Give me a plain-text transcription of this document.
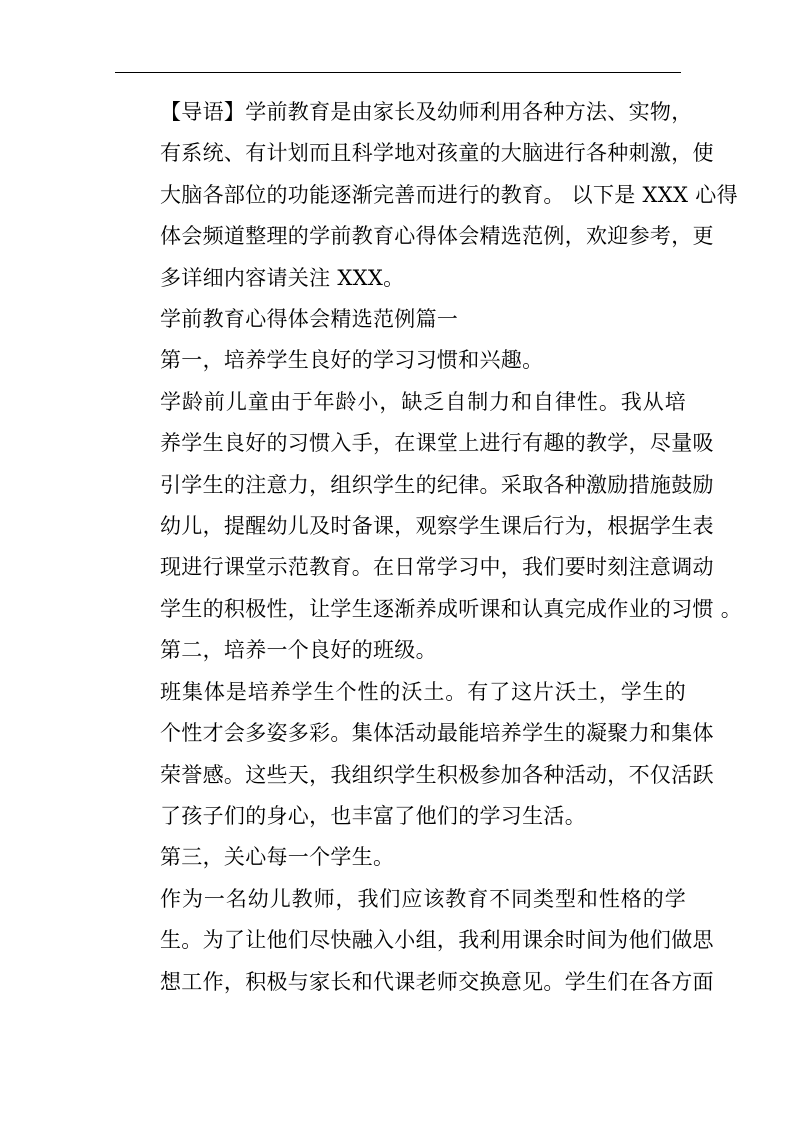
【导语】学前教育是由家长及幼师利用各种方法、实物，
有系统、有计划而且科学地对孩童的大脑进行各种刺激，使
大脑各部位的功能逐渐完善而进行的教育。 以下是 XXX 心得
体会频道整理的学前教育心得体会精选范例，欢迎参考，更
多详细内容请关注 XXX。

学前教育心得体会精选范例篇一

第一，培养学生良好的学习习惯和兴趣。

学龄前儿童由于年龄小，缺乏自制力和自律性。我从培
养学生良好的习惯入手，在课堂上进行有趣的教学，尽量吸
引学生的注意力，组织学生的纪律。采取各种激励措施鼓励
幼儿，提醒幼儿及时备课，观察学生课后行为，根据学生表
现进行课堂示范教育。在日常学习中，我们要时刻注意调动
学生的积极性，让学生逐渐养成听课和认真完成作业的习惯 。

第二，培养一个良好的班级。

班集体是培养学生个性的沃土。有了这片沃土，学生的
个性才会多姿多彩。集体活动最能培养学生的凝聚力和集体
荣誉感。这些天，我组织学生积极参加各种活动，不仅活跃
了孩子们的身心，也丰富了他们的学习生活。

第三，关心每一个学生。

作为一名幼儿教师，我们应该教育不同类型和性格的学
生。为了让他们尽快融入小组，我利用课余时间为他们做思
想工作，积极与家长和代课老师交换意见。学生们在各方面
